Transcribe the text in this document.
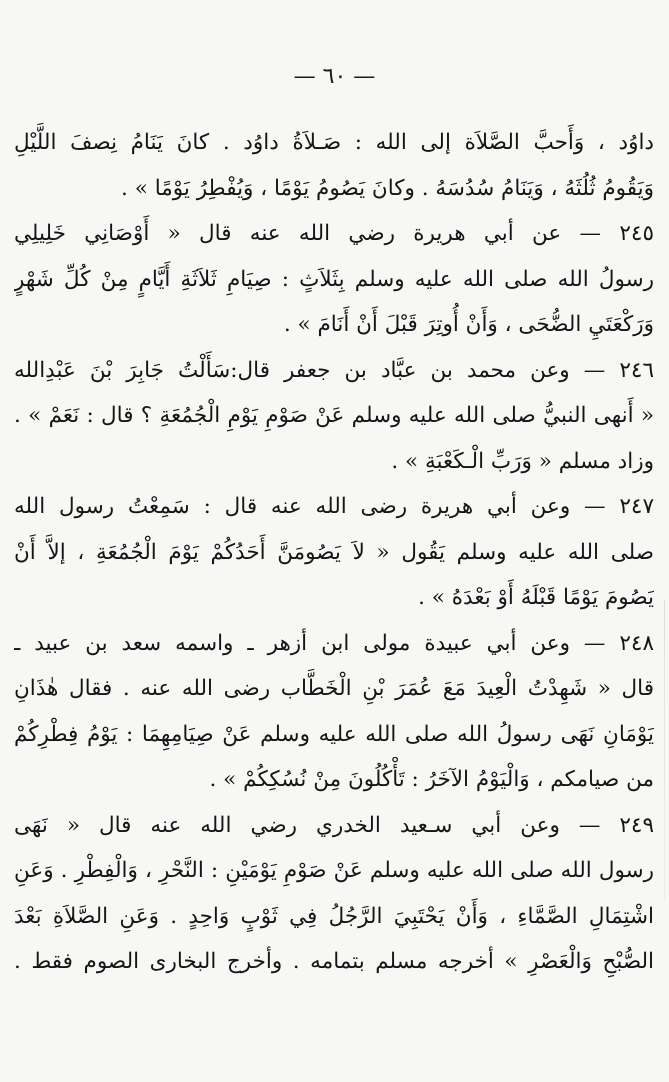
— ٦٠ —
داوُد ، وَأَحبَّ الصَّلاَة إلى الله : صَـلاَةُ داوُد . كانَ يَنَامُ نِصفَ اللَّيْلِ
وَيَقُومُ ثُلُثَهُ ، وَيَنَامُ سُدُسَهُ . وكانَ يَصُومُ يَوْمًا ، وَيُفْطِرُ يَوْمًا » .
٢٤٥ — عن أبي هريرة رضي الله عنه قال « أَوْصَانِي خَلِيلِي
رسولُ الله صلى الله عليه وسلم بِثَلاَثٍ : صِيَامِ ثَلاَثَةِ أَيَّامٍ مِنْ كُلِّ شَهْرٍ
وَرَكْعَتَيِ الضُّحَى ، وَأَنْ أُوتِرَ قَبْلَ أَنْ أَنَامَ » .
٢٤٦ — وعن محمد بن عبَّاد بن جعفر قال:سَأَلْتُ جَابِرَ بْنَ عَبْدِالله
« أَنهى النبيُّ صلى الله عليه وسلم عَنْ صَوْمِ يَوْمِ الْجُمُعَةِ ؟ قال : نَعَمْ » .
وزاد مسلم « وَرَبِّ الْـكَعْبَةِ » .
٢٤٧ — وعن أبي هريرة رضى الله عنه قال : سَمِعْتُ رسول الله
صلى الله عليه وسلم يَقُول « لاَ يَصُومَنَّ أَحَدُكُمْ يَوْمَ الْجُمُعَةِ ، إلاَّ أَنْ
يَصُومَ يَوْمًا قَبْلَهُ أَوْ بَعْدَهُ » .
٢٤٨ — وعن أبي عبيدة مولى ابن أزهر ـ واسمه سعد بن عبيد ـ
قال « شَهِدْتُ الْعِيدَ مَعَ عُمَرَ بْنِ الْخَطَّاب رضى الله عنه . فقال هٰذَانِ
يَوْمَانِ نَهَى رسولُ الله صلى الله عليه وسلم عَنْ صِيَامِهِمَا : يَوْمُ فِطْرِكُمْ
من صيامكم ، وَالْيَوْمُ الآخَرُ : تَأْكُلُونَ مِنْ نُسُكِكُمْ » .
٢٤٩ — وعن أبي سـعيد الخدري رضي الله عنه قال « نَهَى
رسول الله صلى الله عليه وسلم عَنْ صَوْمِ يَوْمَيْنِ : النَّحْرِ ، وَالْفِطْرِ . وَعَنِ
اشْتِمَالِ الصَّمَّاءِ ، وَأَنْ يَحْتَبِيَ الرَّجُلُ فِي ثَوْبٍ وَاحِدٍ . وَعَنِ الصَّلاَةِ بَعْدَ
الصُّبْحِ وَالْعَصْرِ » أخرجه مسلم بتمامه . وأخرج البخارى الصوم فقط .
